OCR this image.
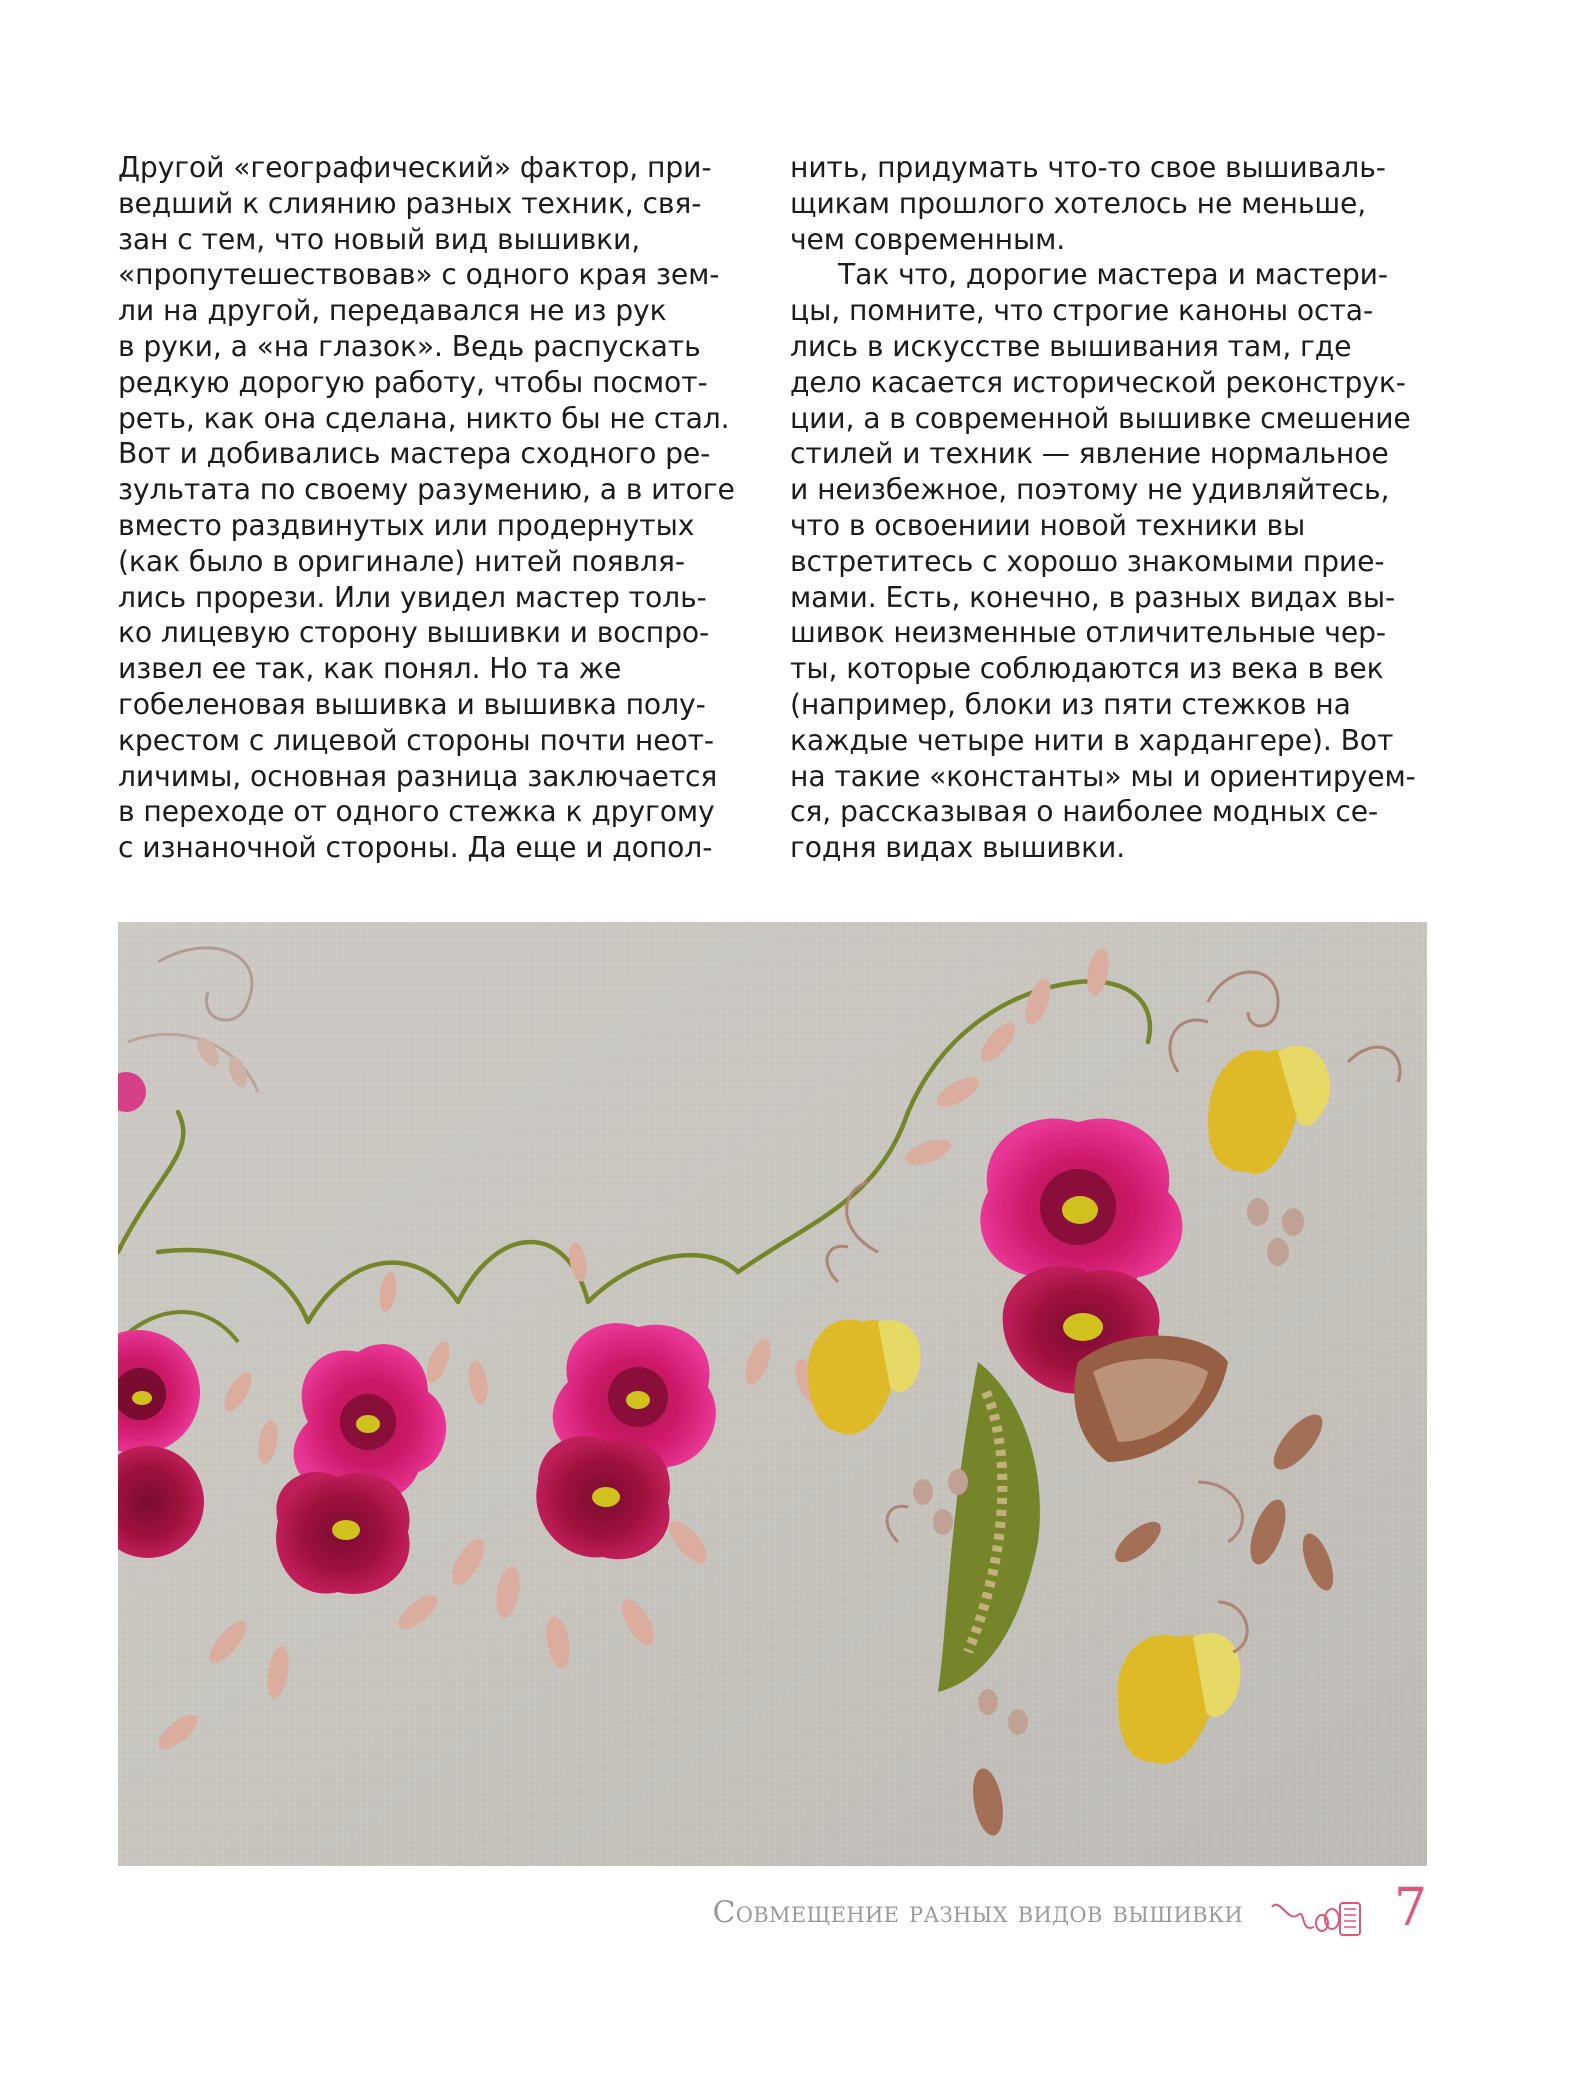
Другой «географический» фактор, при-
ведший к слиянию разных техник, свя-
зан с тем, что новый вид вышивки,
«пропутешествовав» с одного края зем-
ли на другой, передавался не из рук
в руки, а «на глазок». Ведь распускать
редкую дорогую работу, чтобы посмот-
реть, как она сделана, никто бы не стал.
Вот и добивались мастера сходного ре-
зультата по своему разумению, а в итоге
вместо раздвинутых или продернутых
(как было в оригинале) нитей появля-
лись прорези. Или увидел мастер толь-
ко лицевую сторону вышивки и воспро-
извел ее так, как понял. Но та же
гобеленовая вышивка и вышивка полу-
крестом с лицевой стороны почти неот-
личимы, основная разница заключается
в переходе от одного стежка к другому
с изнаночной стороны. Да еще и допол-
нить, придумать что-то свое вышиваль-
щикам прошлого хотелось не меньше,
чем современным.
Так что, дорогие мастера и мастери-
цы, помните, что строгие каноны оста-
лись в искусстве вышивания там, где
дело касается исторической реконструк-
ции, а в современной вышивке смешение
стилей и техник — явление нормальное
и неизбежное, поэтому не удивляйтесь,
что в освоениии новой техники вы
встретитесь с хорошо знакомыми прие-
мами. Есть, конечно, в разных видах вы-
шивок неизменные отличительные чер-
ты, которые соблюдаются из века в век
(например, блоки из пяти стежков на
каждые четыре нити в хардангере). Вот
на такие «константы» мы и ориентируем-
ся, рассказывая о наиболее модных се-
годня видах вышивки.
Совмещение разных видов вышивки	7
